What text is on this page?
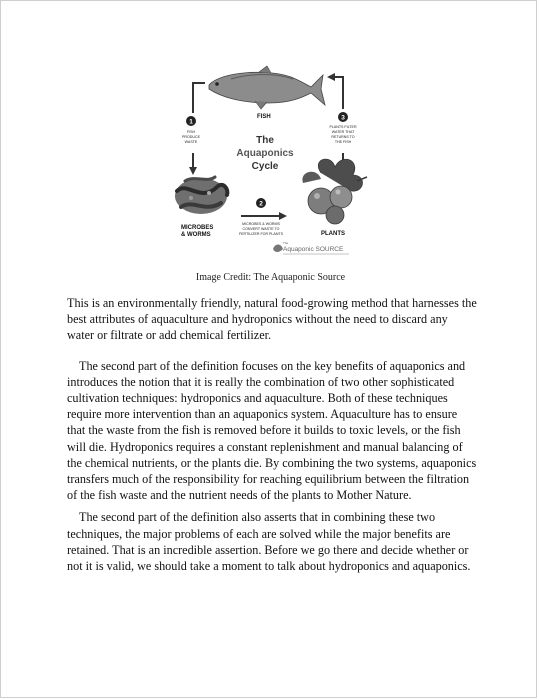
FISH
1
FISH
PRODUCE
WASTE	The
Aquaponics
Cycle
3
PLANTS FILTER
WATER THAT
RETURNS TO
THE FISH
MICROBES
& WORMS
2
MICROBES & WORMS
CONVERT WASTE TO
FERTILIZER FOR PLANTS	PLANTS
The
Aquaponic SOURCE
Image Credit: The Aquaponic Source

This is an environmentally friendly, natural food-growing method that harnesses the best attributes of aquaculture and hydroponics without the need to discard any water or filtrate or add chemical fertilizer.

The second part of the definition focuses on the key benefits of aquaponics and introduces the notion that it is really the combination of two other sophisticated cultivation techniques: hydroponics and aquaculture. Both of these techniques require more intervention than an aquaponics system. Aquaculture has to ensure that the waste from the fish is removed before it builds to toxic levels, or the fish will die. Hydroponics requires a constant replenishment and manual balancing of the chemical nutrients, or the plants die. By combining the two systems, aquaponics transfers much of the responsibility for reaching equilibrium between the filtration of the fish waste and the nutrient needs of the plants to Mother Nature.

The second part of the definition also asserts that in combining these two techniques, the major problems of each are solved while the major benefits are retained. That is an incredible assertion. Before we go there and decide whether or not it is valid, we should take a moment to talk about hydroponics and aquaponics.
